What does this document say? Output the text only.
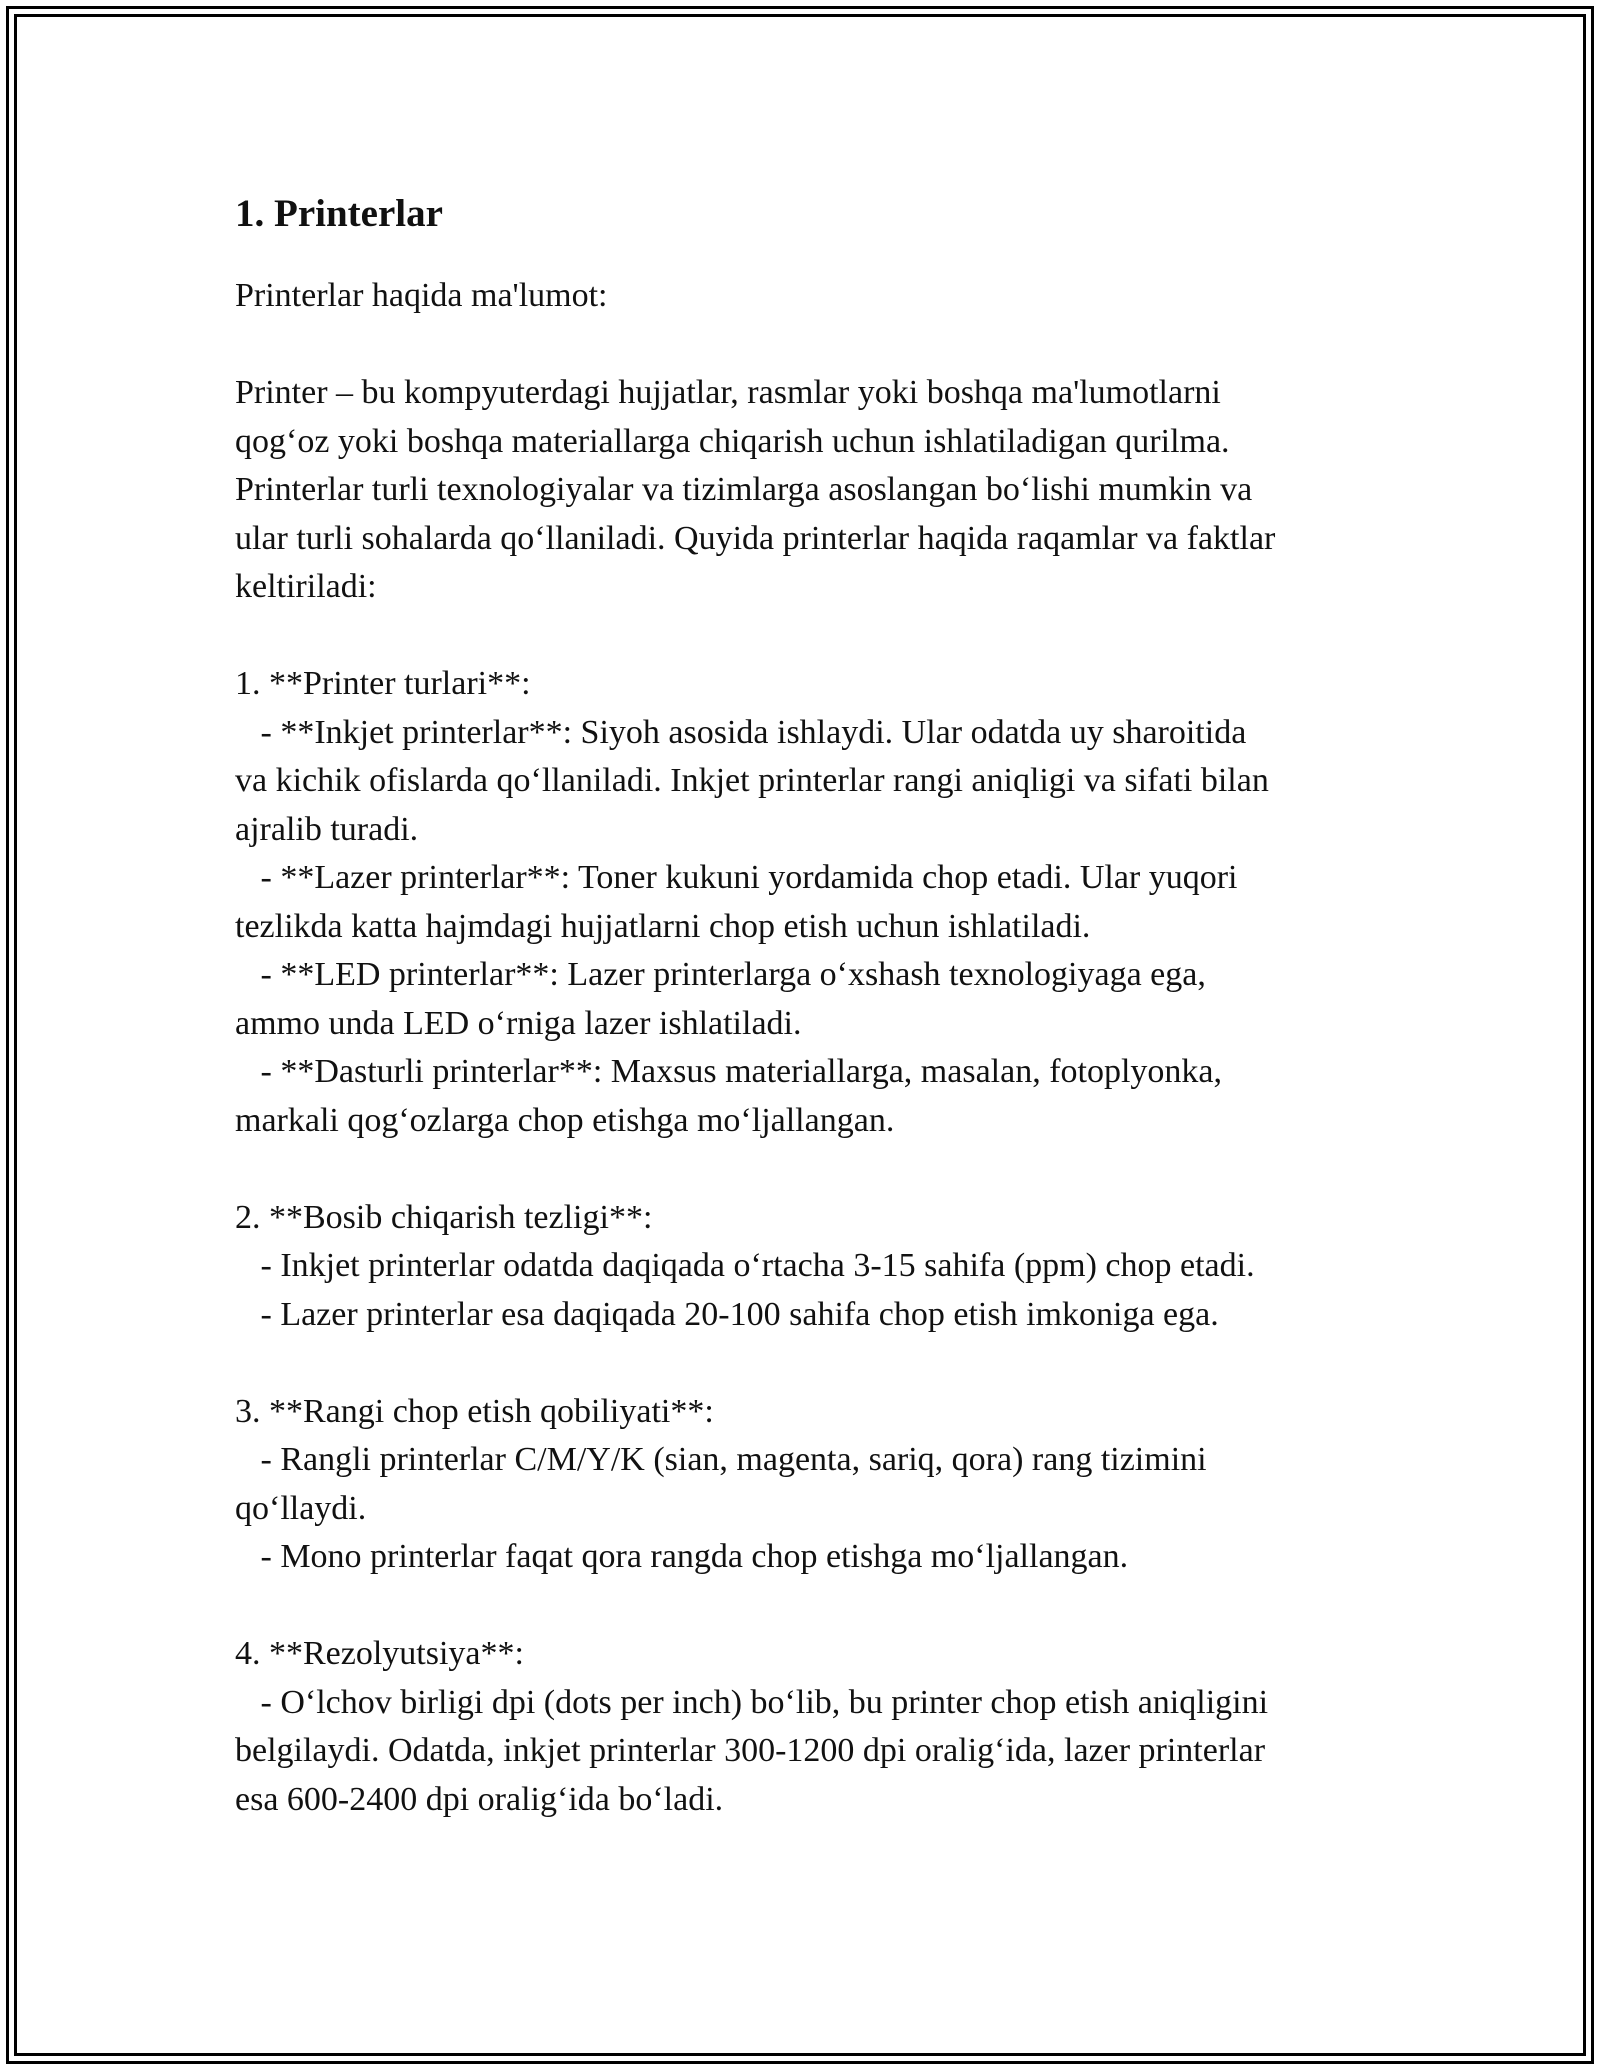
1. Printerlar

Printerlar haqida ma'lumot:

Printer – bu kompyuterdagi hujjatlar, rasmlar yoki boshqa ma'lumotlarni
qog‘oz yoki boshqa materiallarga chiqarish uchun ishlatiladigan qurilma.
Printerlar turli texnologiyalar va tizimlarga asoslangan bo‘lishi mumkin va
ular turli sohalarda qo‘llaniladi. Quyida printerlar haqida raqamlar va faktlar
keltiriladi:

1. **Printer turlari**:
- **Inkjet printerlar**: Siyoh asosida ishlaydi. Ular odatda uy sharoitida
va kichik ofislarda qo‘llaniladi. Inkjet printerlar rangi aniqligi va sifati bilan
ajralib turadi.
- **Lazer printerlar**: Toner kukuni yordamida chop etadi. Ular yuqori
tezlikda katta hajmdagi hujjatlarni chop etish uchun ishlatiladi.
- **LED printerlar**: Lazer printerlarga o‘xshash texnologiyaga ega,
ammo unda LED o‘rniga lazer ishlatiladi.
- **Dasturli printerlar**: Maxsus materiallarga, masalan, fotoplyonka,
markali qog‘ozlarga chop etishga mo‘ljallangan.

2. **Bosib chiqarish tezligi**:
- Inkjet printerlar odatda daqiqada o‘rtacha 3-15 sahifa (ppm) chop etadi.
- Lazer printerlar esa daqiqada 20-100 sahifa chop etish imkoniga ega.

3. **Rangi chop etish qobiliyati**:
- Rangli printerlar C/M/Y/K (sian, magenta, sariq, qora) rang tizimini
qo‘llaydi.
- Mono printerlar faqat qora rangda chop etishga mo‘ljallangan.

4. **Rezolyutsiya**:
- O‘lchov birligi dpi (dots per inch) bo‘lib, bu printer chop etish aniqligini
belgilaydi. Odatda, inkjet printerlar 300-1200 dpi oralig‘ida, lazer printerlar
esa 600-2400 dpi oralig‘ida bo‘ladi.
